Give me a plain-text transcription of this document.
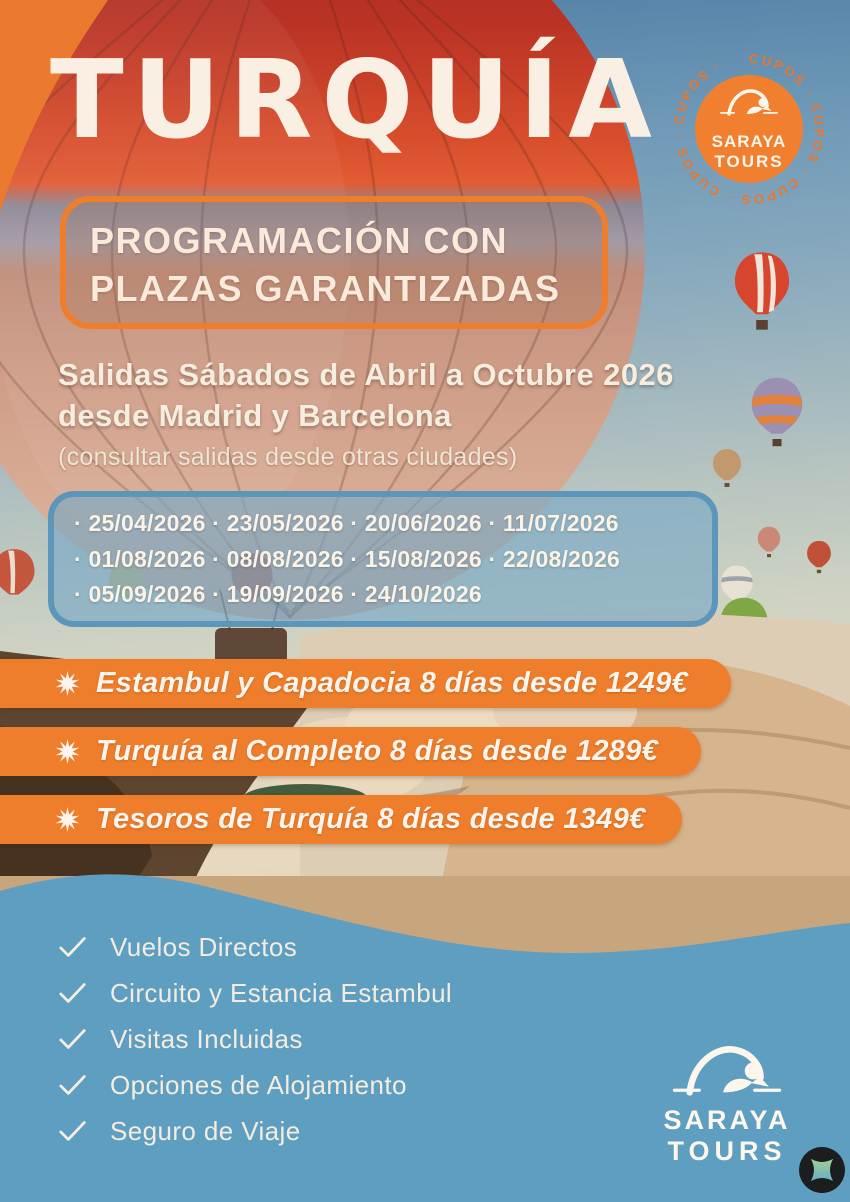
TURQUÍA	CUPOS · CUPOS · CUPOS · CUPOS · CUPOS ·
SARAYA
TOURS
PROGRAMACIÓN CON
PLAZAS GARANTIZADAS
Salidas Sábados de Abril a Octubre 2026
desde Madrid y Barcelona
(consultar salidas desde otras ciudades)
· 25/04/2026 · 23/05/2026 · 20/06/2026 · 11/07/2026
· 01/08/2026 · 08/08/2026 · 15/08/2026 · 22/08/2026
· 05/09/2026 · 19/09/2026 · 24/10/2026
Estambul y Capadocia 8 días desde 1249€
Turquía al Completo 8 días desde 1289€
Tesoros de Turquía 8 días desde 1349€
Vuelos Directos
Circuito y Estancia Estambul
Visitas Incluidas
Opciones de Alojamiento
Seguro de Viaje	SARAYA
TOURS
